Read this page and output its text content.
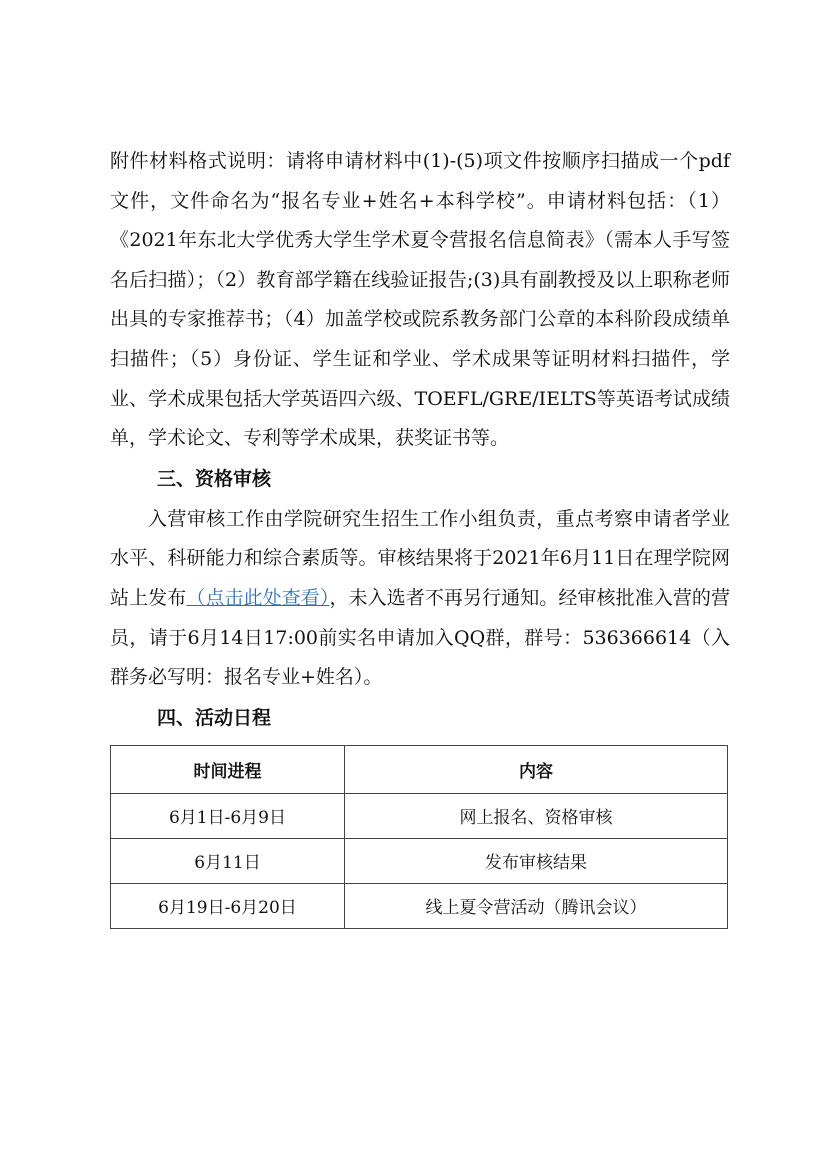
附件材料格式说明：请将申请材料中(1)-(5)项文件按顺序扫描成一个pdf文件，文件命名为“报名专业+姓名+本科学校”。申请材料包括：（1）《2021年东北大学优秀大学生学术夏令营报名信息简表》（需本人手写签名后扫描）；（2）教育部学籍在线验证报告;(3)具有副教授及以上职称老师出具的专家推荐书；（4）加盖学校或院系教务部门公章的本科阶段成绩单扫描件；（5）身份证、学生证和学业、学术成果等证明材料扫描件，学业、学术成果包括大学英语四六级、TOEFL/GRE/IELTS等英语考试成绩单，学术论文、专利等学术成果，获奖证书等。

三、资格审核

入营审核工作由学院研究生招生工作小组负责，重点考察申请者学业水平、科研能力和综合素质等。审核结果将于2021年6月11日在理学院网站上发布（点击此处查看），未入选者不再另行通知。经审核批准入营的营员，请于6月14日17:00前实名申请加入QQ群，群号：536366614（入群务必写明：报名专业+姓名）。

四、活动日程
时间进程	内容
6月1日-6月9日	网上报名、资格审核
6月11日	发布审核结果
6月19日-6月20日	线上夏令营活动（腾讯会议）
